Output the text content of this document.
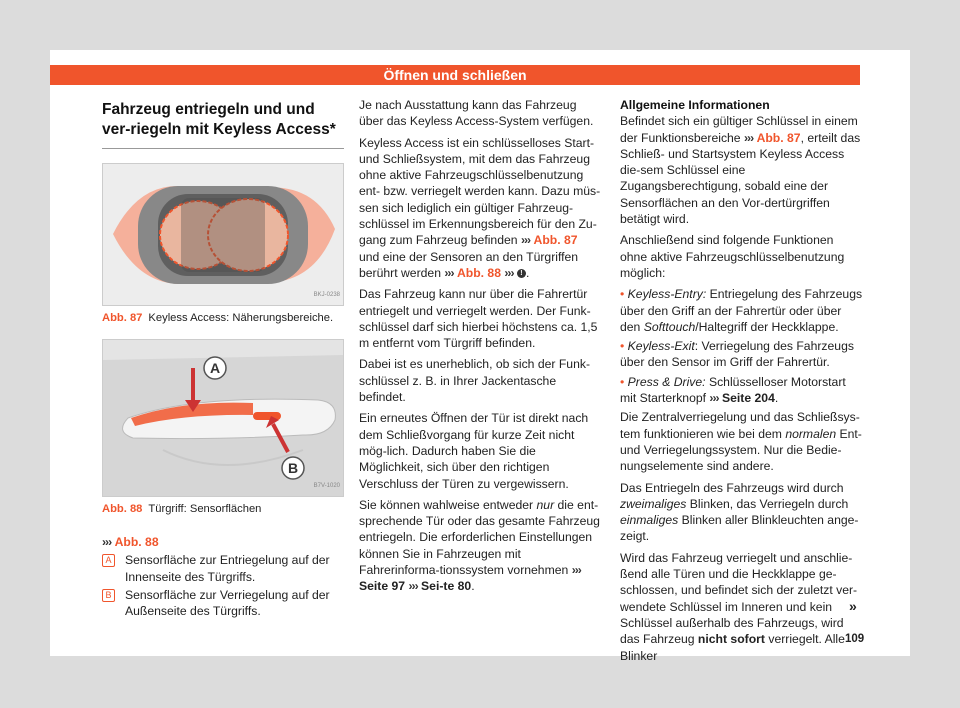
Öffnen und schließen
Fahrzeug entriegeln und und ver-riegeln mit Keyless Access*
BKJ-0238
Abb. 87 Keyless Access: Näherungsbereiche.
A
B
B7V-1020
Abb. 88 Türgriff: Sensorflächen
››› Abb. 88
A Sensorfläche zur Entriegelung auf der Innenseite des Türgriffs.
B Sensorfläche zur Verriegelung auf der Außenseite des Türgriffs.

Je nach Ausstattung kann das Fahrzeug über das Keyless Access-System verfügen.

Keyless Access ist ein schlüsselloses Start- und Schließsystem, mit dem das Fahrzeug ohne aktive Fahrzeugschlüsselbenutzung ent- bzw. verriegelt werden kann. Dazu müs-sen sich lediglich ein gültiger Fahrzeug-schlüssel im Erkennungsbereich für den Zu-gang zum Fahrzeug befinden ››› Abb. 87 und eine der Sensoren an den Türgriffen berührt werden ››› Abb. 88 ››› ! .

Das Fahrzeug kann nur über die Fahrertür entriegelt und verriegelt werden. Der Funk-schlüssel darf sich hierbei höchstens ca. 1,5 m entfernt vom Türgriff befinden.

Dabei ist es unerheblich, ob sich der Funk-schlüssel z. B. in Ihrer Jackentasche befindet.

Ein erneutes Öffnen der Tür ist direkt nach dem Schließvorgang für kurze Zeit nicht mög-lich. Dadurch haben Sie die Möglichkeit, sich über den richtigen Verschluss der Türen zu vergewissern.

Sie können wahlweise entweder nur die ent-sprechende Tür oder das gesamte Fahrzeug entriegeln. Die erforderlichen Einstellungen können Sie in Fahrzeugen mit Fahrerinforma-tionssystem vornehmen ››› Seite 97 ››› Sei-te 80.

Allgemeine Informationen

Befindet sich ein gültiger Schlüssel in einem der Funktionsbereiche ››› Abb. 87, erteilt das Schließ- und Startsystem Keyless Access die-sem Schlüssel eine Zugangsberechtigung, sobald eine der Sensorflächen an den Vor-dertürgriffen betätigt wird.

Anschließend sind folgende Funktionen ohne aktive Fahrzeugschlüsselbenutzung möglich:

• Keyless-Entry: Entriegelung des Fahrzeugs über den Griff an der Fahrertür oder über den Softtouch/Haltegriff der Heckklappe.

• Keyless-Exit: Verriegelung des Fahrzeugs über den Sensor im Griff der Fahrertür.

• Press & Drive: Schlüsselloser Motorstart mit Starterknopf ››› Seite 204.

Die Zentralverriegelung und das Schließsys-tem funktionieren wie bei dem normalen Ent- und Verriegelungssystem. Nur die Bedie-nungselemente sind andere.

Das Entriegeln des Fahrzeugs wird durch zweimaliges Blinken, das Verriegeln durch einmaliges Blinken aller Blinkleuchten ange-zeigt.

Wird das Fahrzeug verriegelt und anschlie-ßend alle Türen und die Heckklappe ge-schlossen, und befindet sich der zuletzt ver-wendete Schlüssel im Inneren und kein Schlüssel außerhalb des Fahrzeugs, wird das Fahrzeug nicht sofort verriegelt. Alle Blinker

»
109
